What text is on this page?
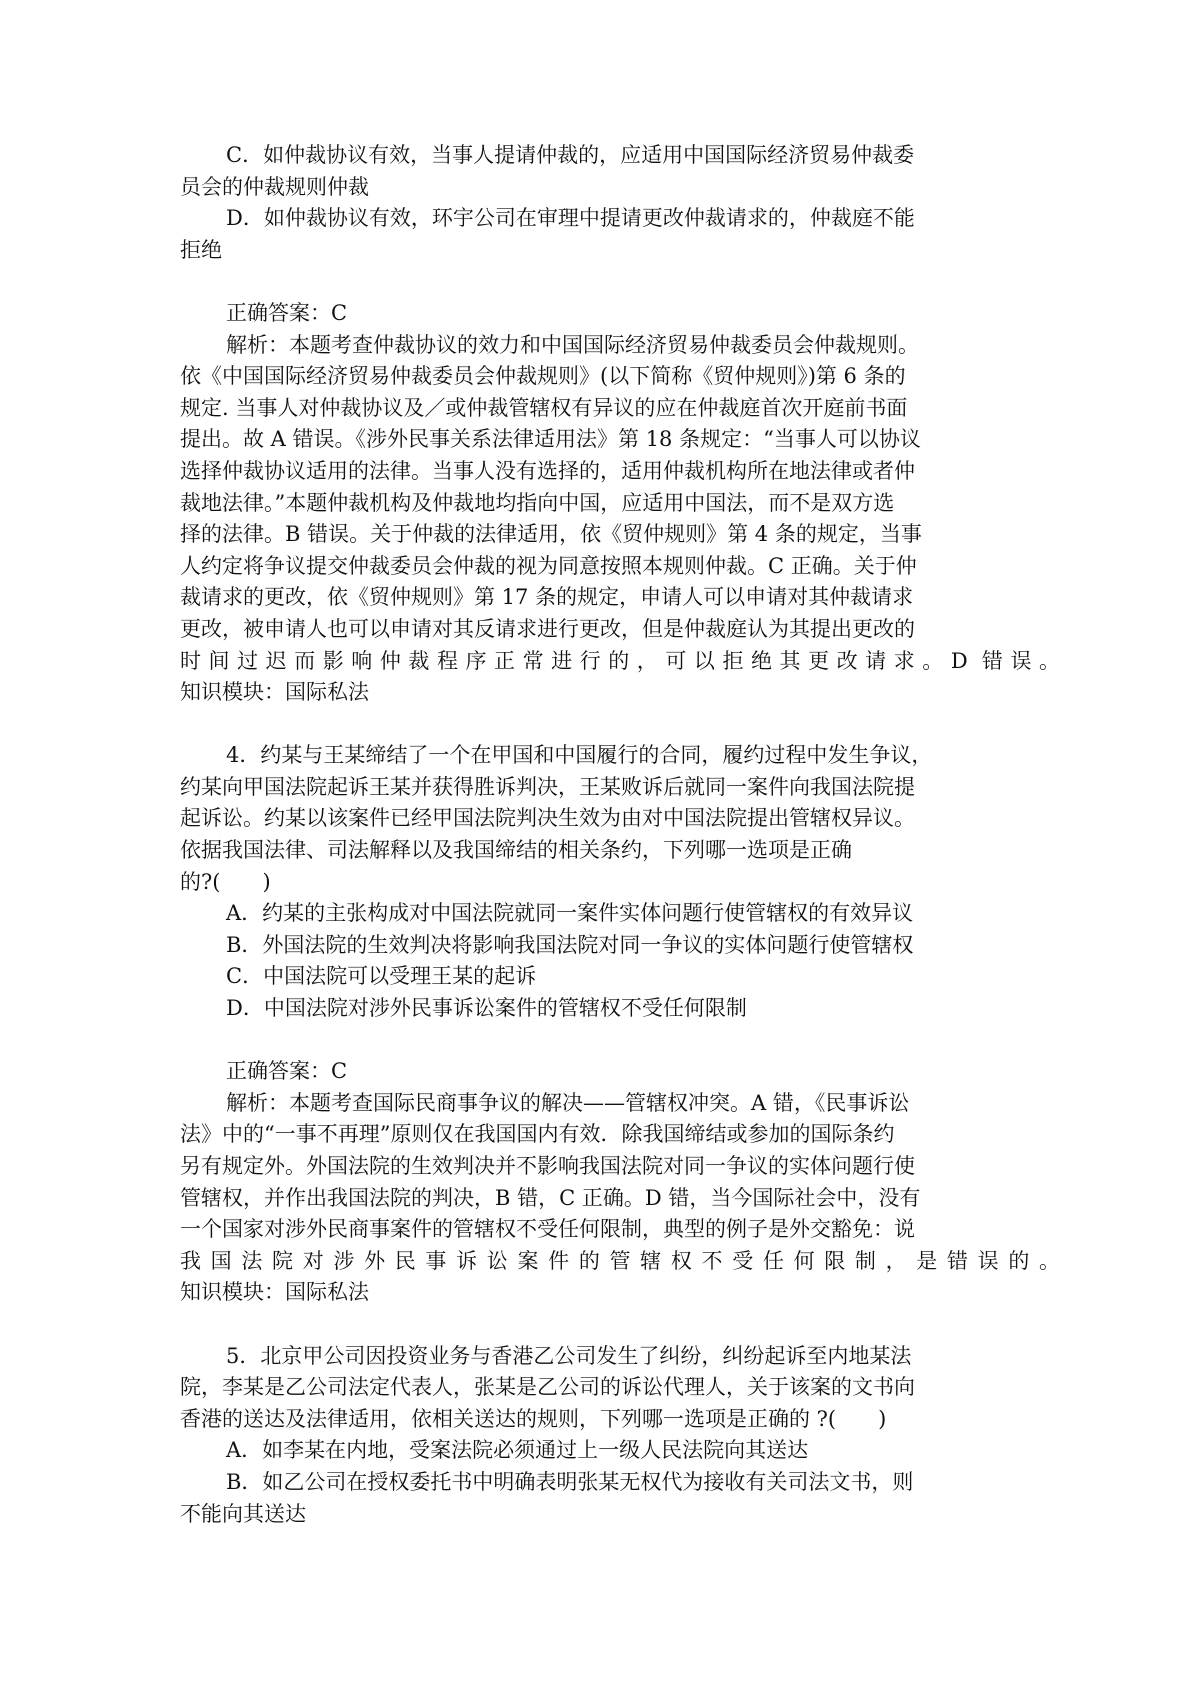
C．如仲裁协议有效，当事人提请仲裁的，应适用中国国际经济贸易仲裁委
员会的仲裁规则仲裁
D．如仲裁协议有效，环宇公司在审理中提请更改仲裁请求的，仲裁庭不能
拒绝
正确答案：C
解析：本题考查仲裁协议的效力和中国国际经济贸易仲裁委员会仲裁规则。
依《中国国际经济贸易仲裁委员会仲裁规则》(以下简称《贸仲规则》)第 6 条的
规定. 当事人对仲裁协议及／或仲裁管辖权有异议的应在仲裁庭首次开庭前书面
提出。故 A 错误。《涉外民事关系法律适用法》第 18 条规定：“当事人可以协议
选择仲裁协议适用的法律。当事人没有选择的，适用仲裁机构所在地法律或者仲
裁地法律。”本题仲裁机构及仲裁地均指向中国，应适用中国法，而不是双方选
择的法律。B 错误。关于仲裁的法律适用，依《贸仲规则》第 4 条的规定，当事
人约定将争议提交仲裁委员会仲裁的视为同意按照本规则仲裁。C 正确。关于仲
裁请求的更改，依《贸仲规则》第 17 条的规定，申请人可以申请对其仲裁请求
更改，被申请人也可以申请对其反请求进行更改，但是仲裁庭认为其提出更改的
时间过迟而影响仲裁程序正常进行的，可以拒绝其更改请求。D 错误。
知识模块：国际私法
4．约某与王某缔结了一个在甲国和中国履行的合同，履约过程中发生争议，
约某向甲国法院起诉王某并获得胜诉判决，王某败诉后就同一案件向我国法院提
起诉讼。约某以该案件已经甲国法院判决生效为由对中国法院提出管辖权异议。
依据我国法律、司法解释以及我国缔结的相关条约，下列哪一选项是正确
的?(　　)
A．约某的主张构成对中国法院就同一案件实体问题行使管辖权的有效异议
B．外国法院的生效判决将影响我国法院对同一争议的实体问题行使管辖权
C．中国法院可以受理王某的起诉
D．中国法院对涉外民事诉讼案件的管辖权不受任何限制
正确答案：C
解析：本题考查国际民商事争议的解决——管辖权冲突。A 错，《民事诉讼
法》中的“一事不再理”原则仅在我国国内有效．除我国缔结或参加的国际条约
另有规定外。外国法院的生效判决并不影响我国法院对同一争议的实体问题行使
管辖权，并作出我国法院的判决，B 错，C 正确。D 错，当今国际社会中，没有
一个国家对涉外民商事案件的管辖权不受任何限制，典型的例子是外交豁免：说
我国法院对涉外民事诉讼案件的管辖权不受任何限制，是错误的。
知识模块：国际私法
5．北京甲公司因投资业务与香港乙公司发生了纠纷，纠纷起诉至内地某法
院，李某是乙公司法定代表人，张某是乙公司的诉讼代理人，关于该案的文书向
香港的送达及法律适用，依相关送达的规则，下列哪一选项是正确的 ?(　　)
A．如李某在内地，受案法院必须通过上一级人民法院向其送达
B．如乙公司在授权委托书中明确表明张某无权代为接收有关司法文书，则
不能向其送达
